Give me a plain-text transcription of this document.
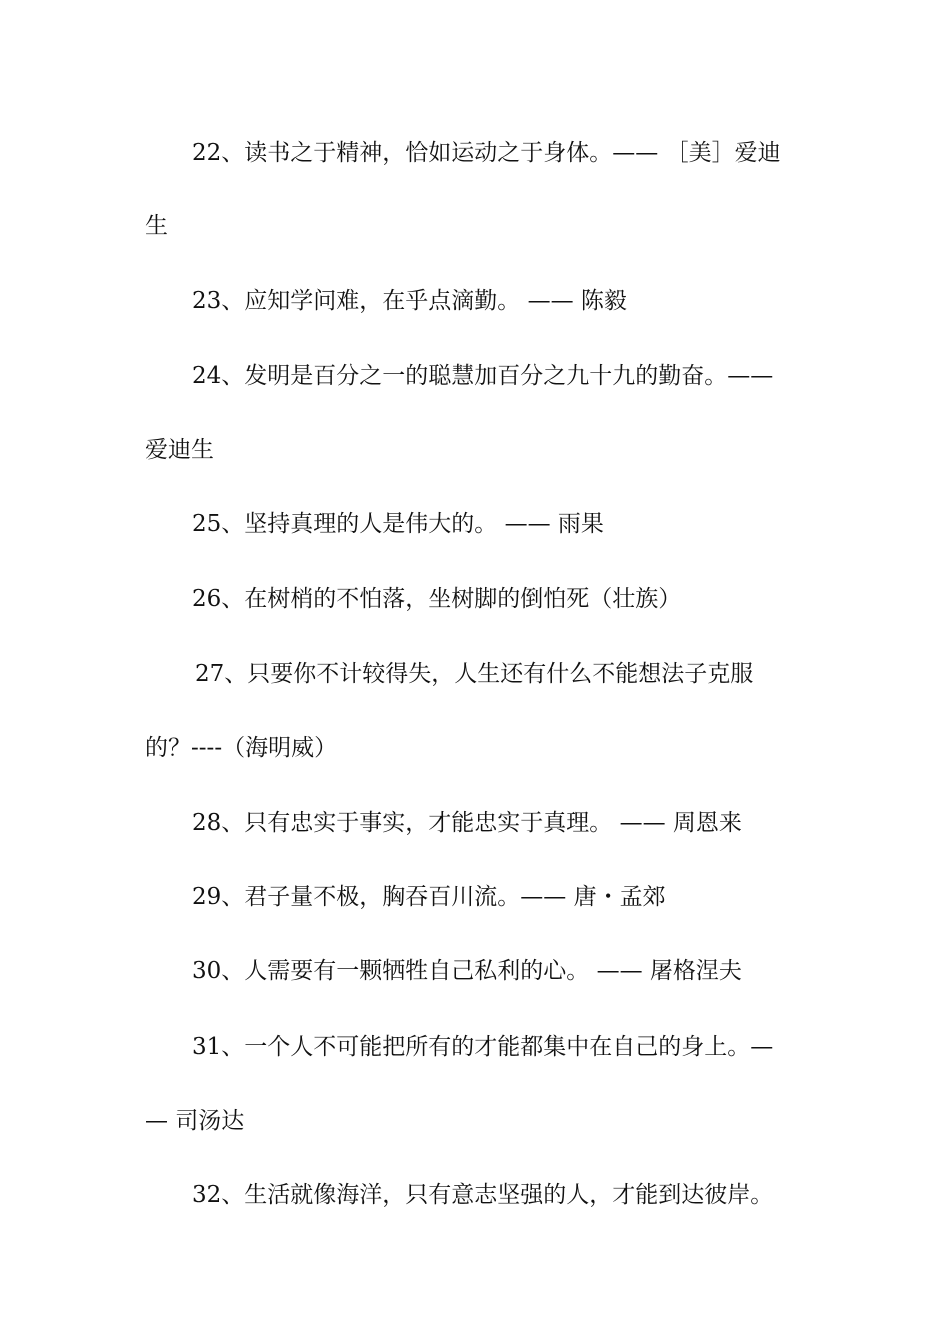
22、读书之于精神，恰如运动之于身体。—— ［美］爱迪
生
23、应知学问难，在乎点滴勤。 —— 陈毅
24、发明是百分之一的聪慧加百分之九十九的勤奋。——
爱迪生
25、坚持真理的人是伟大的。 —— 雨果
26、在树梢的不怕落，坐树脚的倒怕死（壮族）
27、只要你不计较得失，人生还有什么不能想法子克服
的？----（海明威）
28、只有忠实于事实，才能忠实于真理。 —— 周恩来
29、君子量不极，胸吞百川流。—— 唐・孟郊
30、人需要有一颗牺牲自己私利的心。 —— 屠格涅夫
31、一个人不可能把所有的才能都集中在自己的身上。—
— 司汤达
32、生活就像海洋，只有意志坚强的人，才能到达彼岸。
